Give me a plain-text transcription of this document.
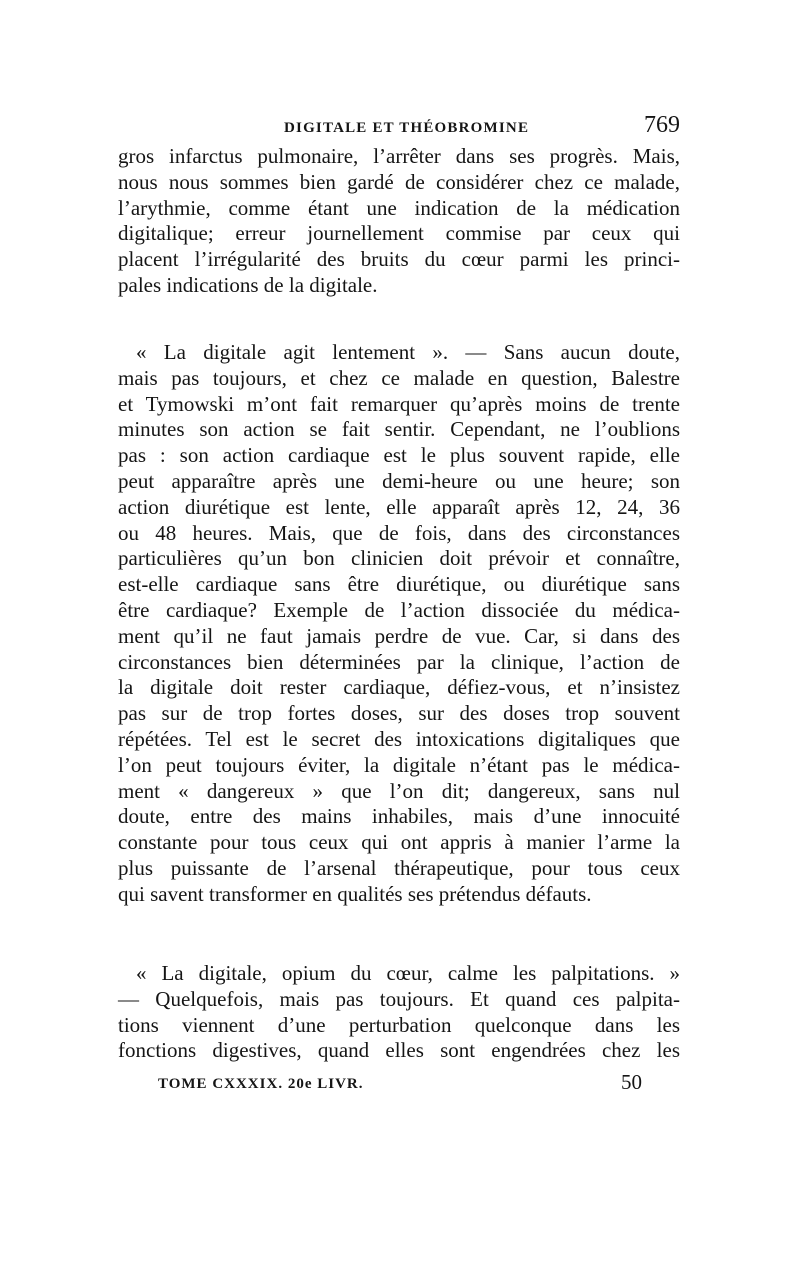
DIGITALE ET THÉOBROMINE	769
gros infarctus pulmonaire, l’arrêter dans ses progrès. Mais,
nous nous sommes bien gardé de considérer chez ce malade,
l’arythmie, comme étant une indication de la médication
digitalique; erreur journellement commise par ceux qui
placent l’irrégularité des bruits du cœur parmi les princi-
pales indications de la digitale.
« La digitale agit lentement ». — Sans aucun doute,
mais pas toujours, et chez ce malade en question, Balestre
et Tymowski m’ont fait remarquer qu’après moins de trente
minutes son action se fait sentir. Cependant, ne l’oublions
pas : son action cardiaque est le plus souvent rapide, elle
peut apparaître après une demi-heure ou une heure; son
action diurétique est lente, elle apparaît après 12, 24, 36
ou 48 heures. Mais, que de fois, dans des circonstances
particulières qu’un bon clinicien doit prévoir et connaître,
est-elle cardiaque sans être diurétique, ou diurétique sans
être cardiaque? Exemple de l’action dissociée du médica-
ment qu’il ne faut jamais perdre de vue. Car, si dans des
circonstances bien déterminées par la clinique, l’action de
la digitale doit rester cardiaque, défiez-vous, et n’insistez
pas sur de trop fortes doses, sur des doses trop souvent
répétées. Tel est le secret des intoxications digitaliques que
l’on peut toujours éviter, la digitale n’étant pas le médica-
ment « dangereux » que l’on dit; dangereux, sans nul
doute, entre des mains inhabiles, mais d’une innocuité
constante pour tous ceux qui ont appris à manier l’arme la
plus puissante de l’arsenal thérapeutique, pour tous ceux
qui savent transformer en qualités ses prétendus défauts.
« La digitale, opium du cœur, calme les palpitations. »
— Quelquefois, mais pas toujours. Et quand ces palpita-
tions viennent d’une perturbation quelconque dans les
fonctions digestives, quand elles sont engendrées chez les
TOME CXXXIX. 20e LIVR.	50
